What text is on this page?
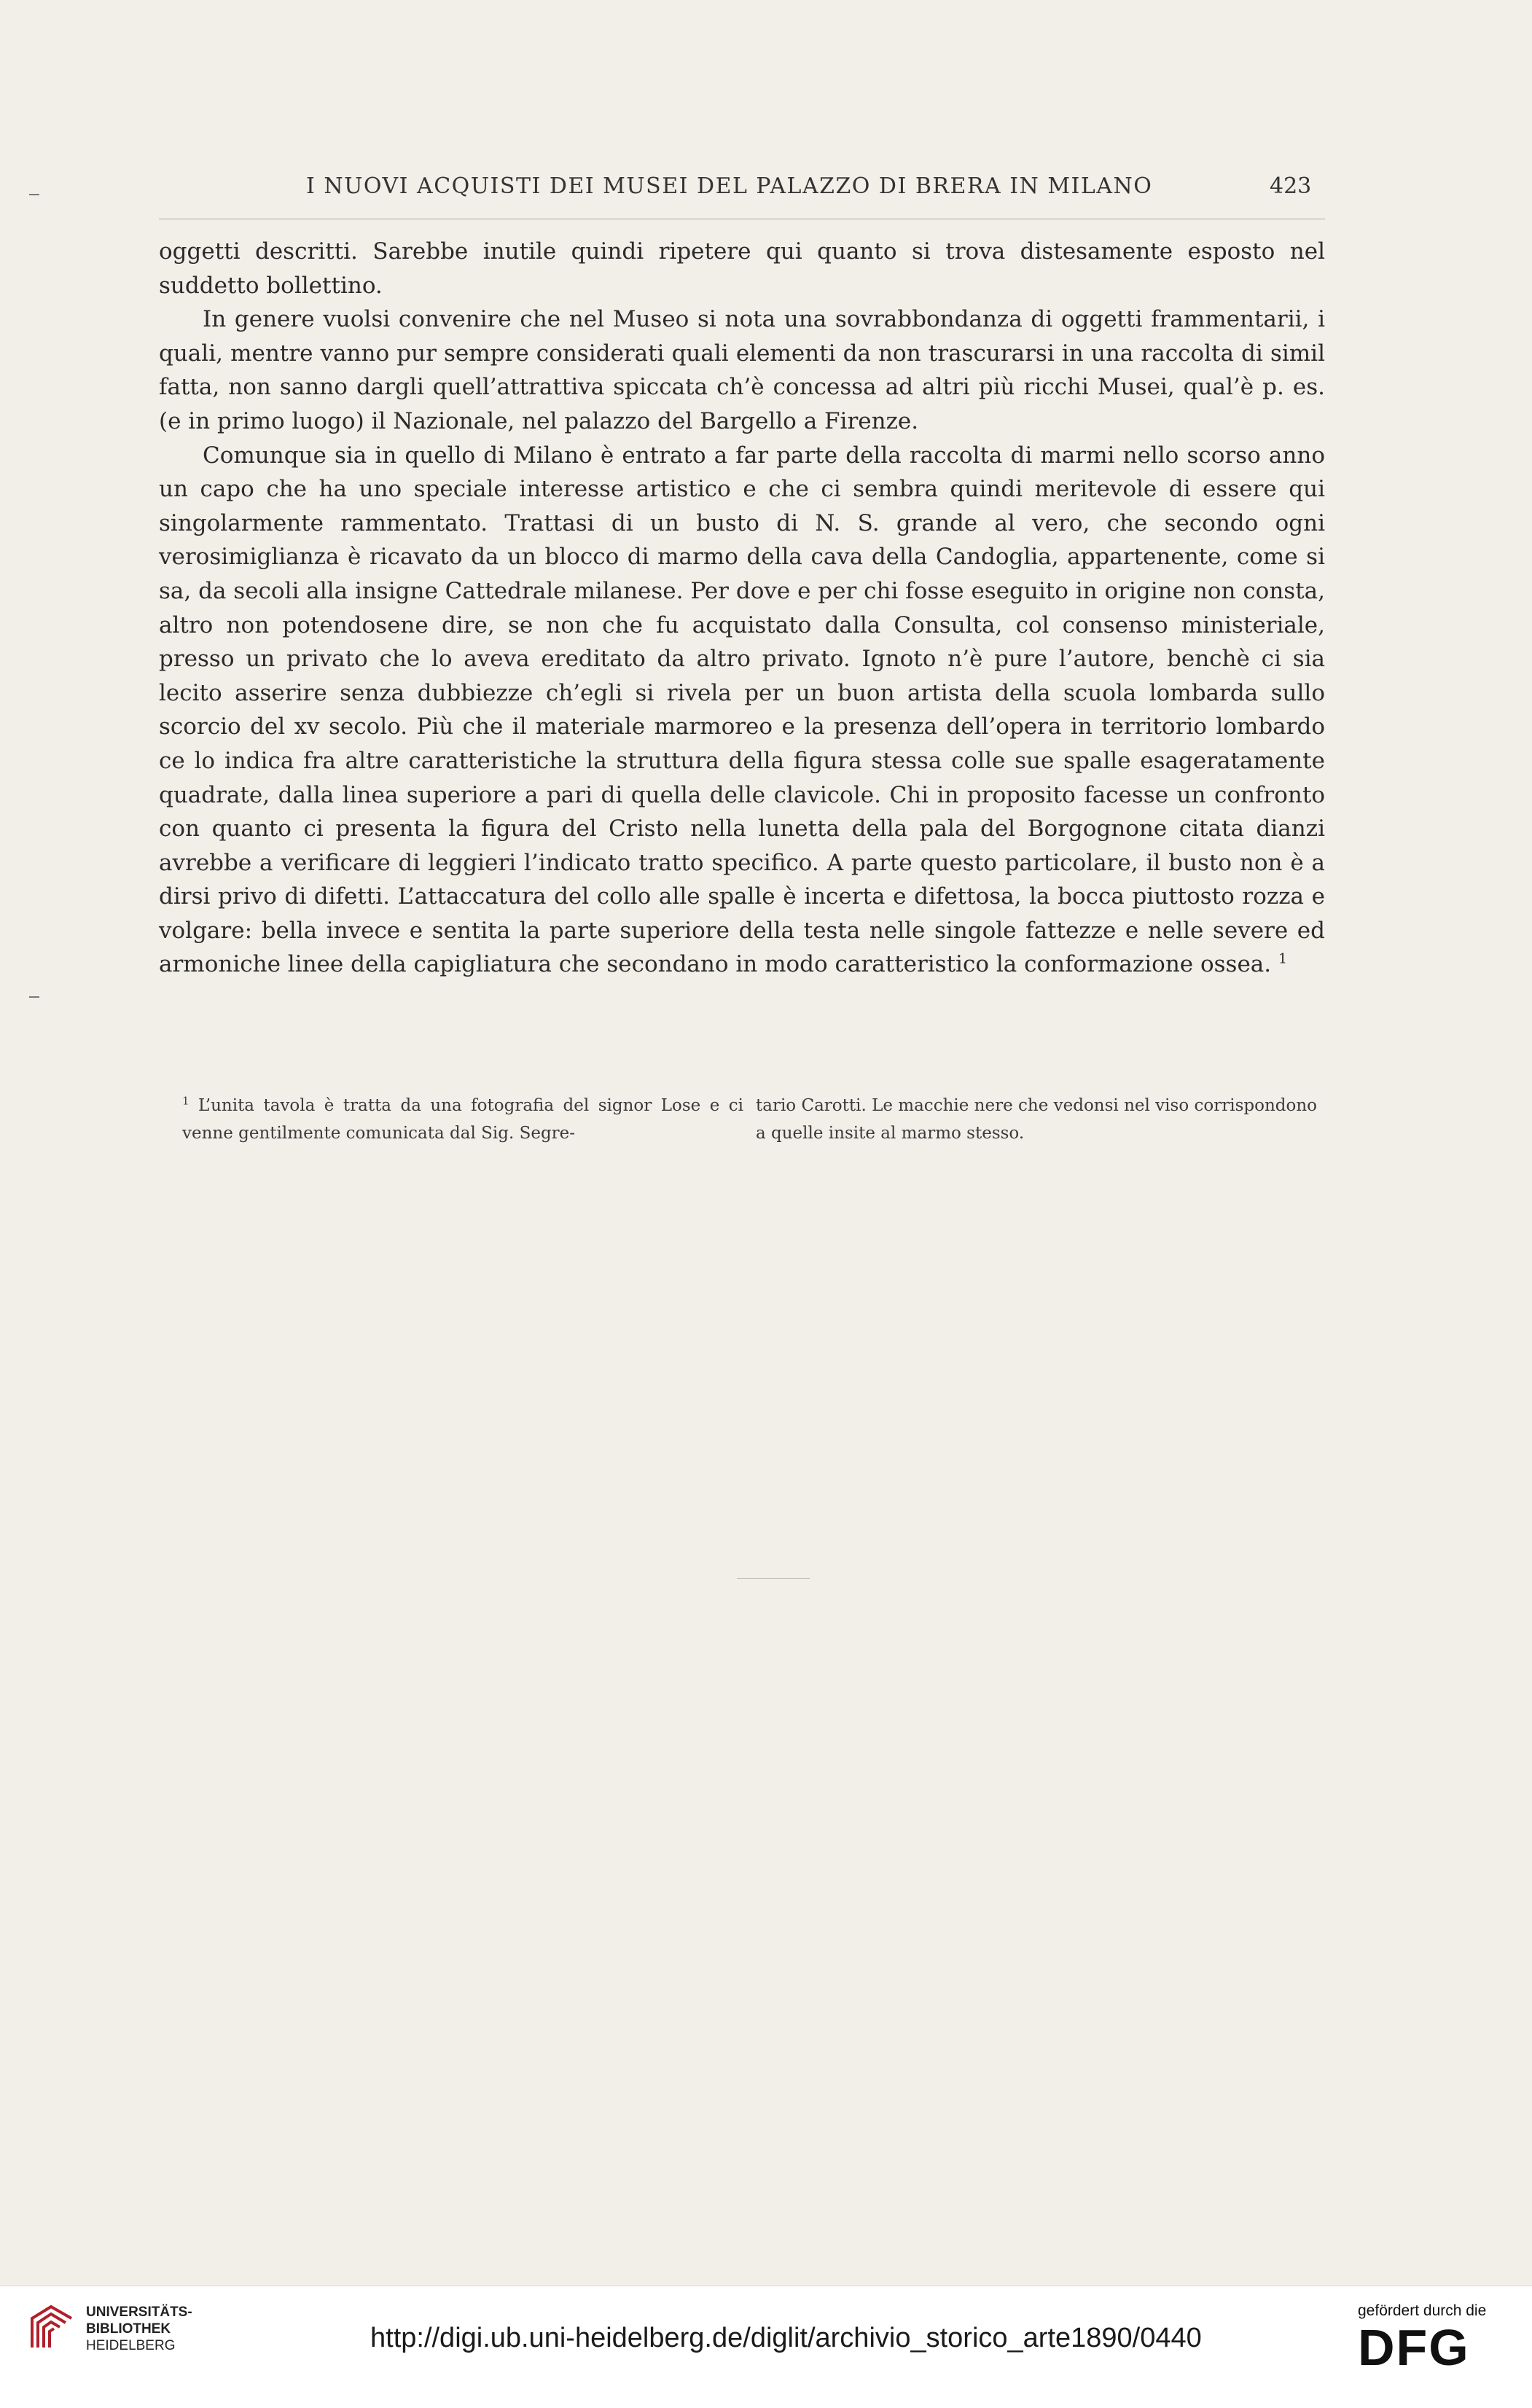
I NUOVI ACQUISTI DEI MUSEI DEL PALAZZO DI BRERA IN MILANO	423

oggetti descritti. Sarebbe inutile quindi ripetere qui quanto si trova distesamente esposto nel suddetto bollettino.

In genere vuolsi convenire che nel Museo si nota una sovrabbondanza di oggetti frammentarii, i quali, mentre vanno pur sempre considerati quali elementi da non trascurarsi in una raccolta di simil fatta, non sanno dargli quell’attrattiva spiccata ch’è concessa ad altri più ricchi Musei, qual’è p. es. (e in primo luogo) il Nazionale, nel palazzo del Bargello a Firenze.

Comunque sia in quello di Milano è entrato a far parte della raccolta di marmi nello scorso anno un capo che ha uno speciale interesse artistico e che ci sembra quindi meritevole di essere qui singolarmente rammentato. Trattasi di un busto di N. S. grande al vero, che secondo ogni verosimiglianza è ricavato da un blocco di marmo della cava della Candoglia, appartenente, come si sa, da secoli alla insigne Cattedrale milanese. Per dove e per chi fosse eseguito in origine non consta, altro non potendosene dire, se non che fu acquistato dalla Consulta, col consenso ministeriale, presso un privato che lo aveva ereditato da altro privato. Ignoto n’è pure l’autore, benchè ci sia lecito asserire senza dubbiezze ch’egli si rivela per un buon artista della scuola lombarda sullo scorcio del xv secolo. Più che il materiale marmoreo e la presenza dell’opera in territorio lombardo ce lo indica fra altre caratteristiche la struttura della figura stessa colle sue spalle esageratamente quadrate, dalla linea superiore a pari di quella delle clavicole. Chi in proposito facesse un confronto con quanto ci presenta la figura del Cristo nella lunetta della pala del Borgognone citata dianzi avrebbe a verificare di leggieri l’indicato tratto specifico. A parte questo particolare, il busto non è a dirsi privo di difetti. L’attaccatura del collo alle spalle è incerta e difettosa, la bocca piuttosto rozza e volgare: bella invece e sentita la parte superiore della testa nelle singole fattezze e nelle severe ed armoniche linee della capigliatura che secondano in modo caratteristico la conformazione ossea. $^1$

$^1$ L’unita tavola è tratta da una fotografia del signor Lose e ci venne gentilmente comunicata dal Sig. Segre-
tario Carotti. Le macchie nere che vedonsi nel viso corrispondono a quelle insite al marmo stesso.
UNIVERSITÄTS-
BIBLIOTHEK
HEIDELBERG	http://digi.ub.uni-heidelberg.de/diglit/archivio_storico_arte1890/0440
gefördert durch die
DFG
